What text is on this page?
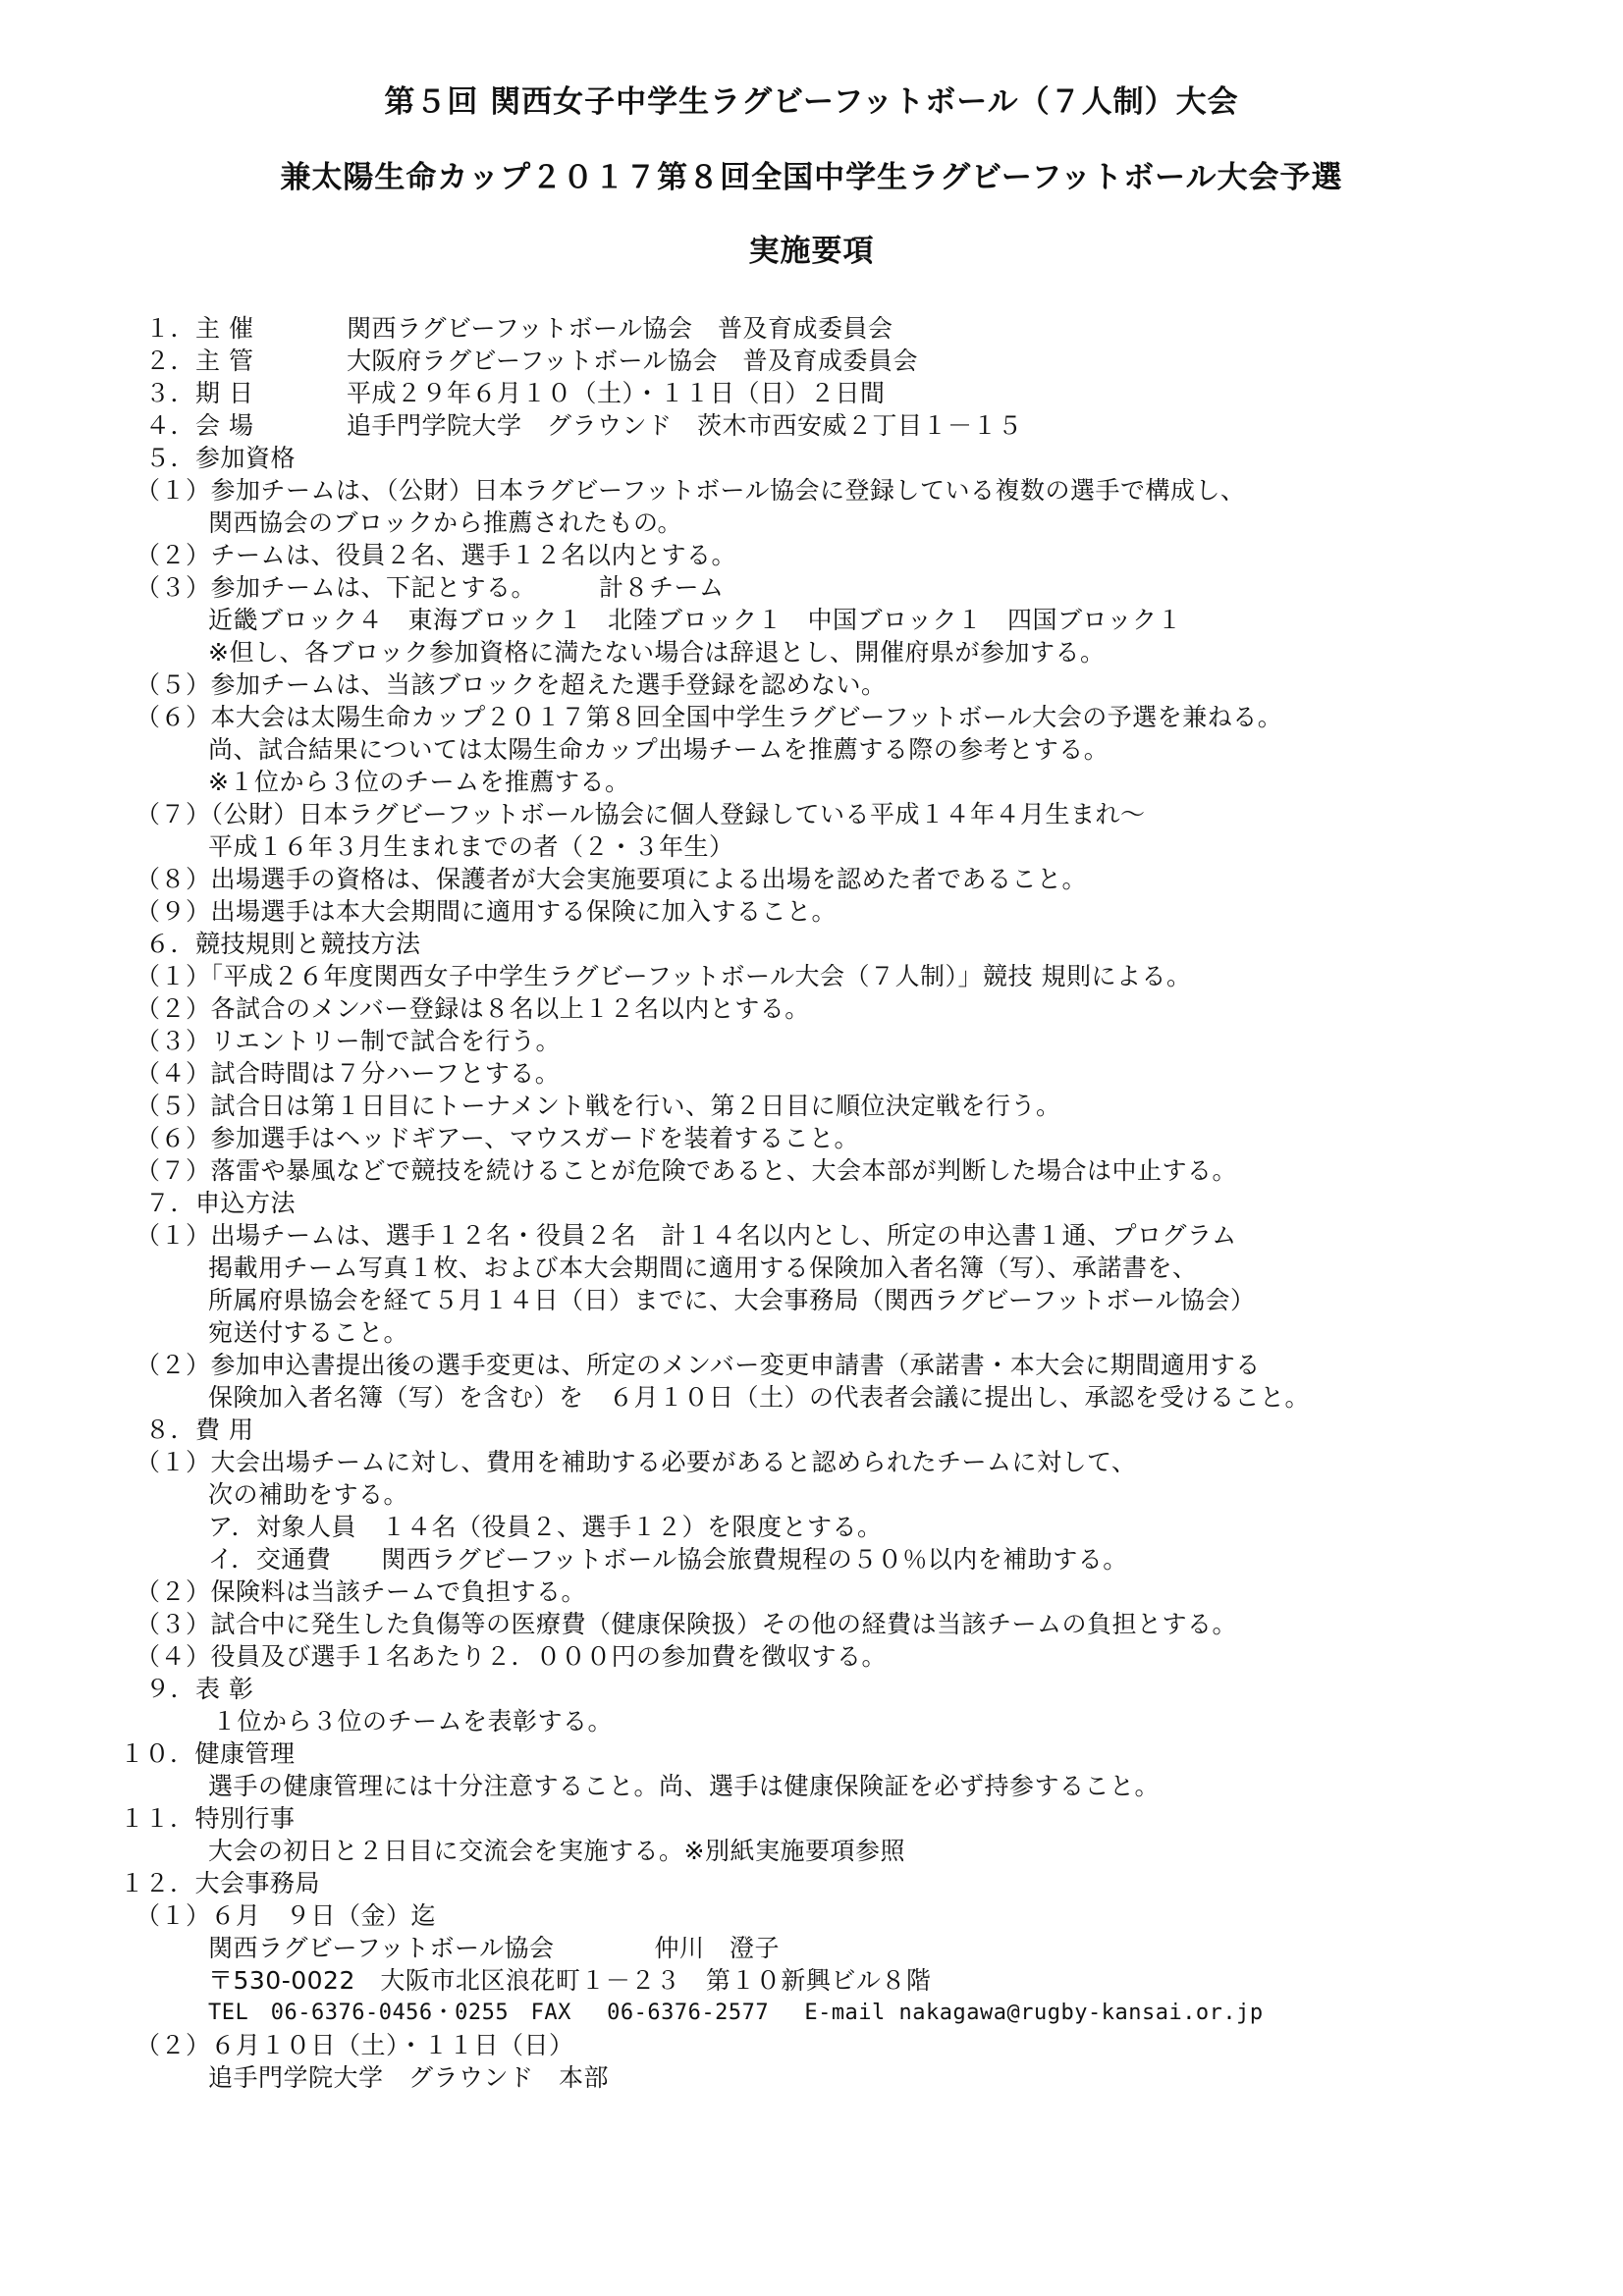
第５回 関西女子中学生ラグビーフットボール（７人制）大会
兼太陽生命カップ２０１７第８回全国中学生ラグビーフットボール大会予選
実施要項
１．主 催	関西ラグビーフットボール協会　普及育成委員会
２．主 管	大阪府ラグビーフットボール協会　普及育成委員会
３．期 日	平成２９年６月１０（土）・１１日（日）２日間
４．会 場	追手門学院大学　グラウンド　茨木市西安威２丁目１－１５
５．参加資格
（１）参加チームは、（公財）日本ラグビーフットボール協会に登録している複数の選手で構成し、
関西協会のブロックから推薦されたもの。
（２）チームは、役員２名、選手１２名以内とする。
（３）参加チームは、下記とする。　　　計８チーム
近畿ブロック４　東海ブロック１　北陸ブロック１　中国ブロック１　四国ブロック１
※但し、各ブロック参加資格に満たない場合は辞退とし、開催府県が参加する。
（５）参加チームは、当該ブロックを超えた選手登録を認めない。
（６）本大会は太陽生命カップ２０１７第８回全国中学生ラグビーフットボール大会の予選を兼ねる。
尚、試合結果については太陽生命カップ出場チームを推薦する際の参考とする。
※１位から３位のチームを推薦する。
（７）（公財）日本ラグビーフットボール協会に個人登録している平成１４年４月生まれ～
平成１６年３月生まれまでの者（２・３年生）
（８）出場選手の資格は、保護者が大会実施要項による出場を認めた者であること。
（９）出場選手は本大会期間に適用する保険に加入すること。
６．競技規則と競技方法
（１）「平成２６年度関西女子中学生ラグビーフットボール大会（７人制）」競技 規則による。
（２）各試合のメンバー登録は８名以上１２名以内とする。
（３）リエントリー制で試合を行う。
（４）試合時間は７分ハーフとする。
（５）試合日は第１日目にトーナメント戦を行い、第２日目に順位決定戦を行う。
（６）参加選手はヘッドギアー、マウスガードを装着すること。
（７）落雷や暴風などで競技を続けることが危険であると、大会本部が判断した場合は中止する。
７．申込方法
（１）出場チームは、選手１２名・役員２名　計１４名以内とし、所定の申込書１通、プログラム
掲載用チーム写真１枚、および本大会期間に適用する保険加入者名簿（写）、承諾書を、
所属府県協会を経て５月１４日（日）までに、大会事務局（関西ラグビーフットボール協会）
宛送付すること。
（２）参加申込書提出後の選手変更は、所定のメンバー変更申請書（承諾書・本大会に期間適用する
保険加入者名簿（写）を含む）を　６月１０日（土）の代表者会議に提出し、承認を受けること。
８．費 用
（１）大会出場チームに対し、費用を補助する必要があると認められたチームに対して、
次の補助をする。
ア．対象人員　１４名（役員２、選手１２）を限度とする。
イ．交通費　　関西ラグビーフットボール協会旅費規程の５０％以内を補助する。
（２）保険料は当該チームで負担する。
（３）試合中に発生した負傷等の医療費（健康保険扱）その他の経費は当該チームの負担とする。
（４）役員及び選手１名あたり２．０００円の参加費を徴収する。
９．表 彰
１位から３位のチームを表彰する。
１０．健康管理
選手の健康管理には十分注意すること。尚、選手は健康保険証を必ず持参すること。
１１．特別行事
大会の初日と２日目に交流会を実施する。※別紙実施要項参照
１２．大会事務局
（１）６月　９日（金）迄
関西ラグビーフットボール協会　　　　仲川　澄子
〒530-0022　大阪市北区浪花町１－２３　第１０新興ビル８階
TEL　06-6376-0456・0255　FAX　 06-6376-2577　 E-mail nakagawa@rugby-kansai.or.jp
（２）６月１０日（土）・１１日（日）
追手門学院大学　グラウンド　本部
